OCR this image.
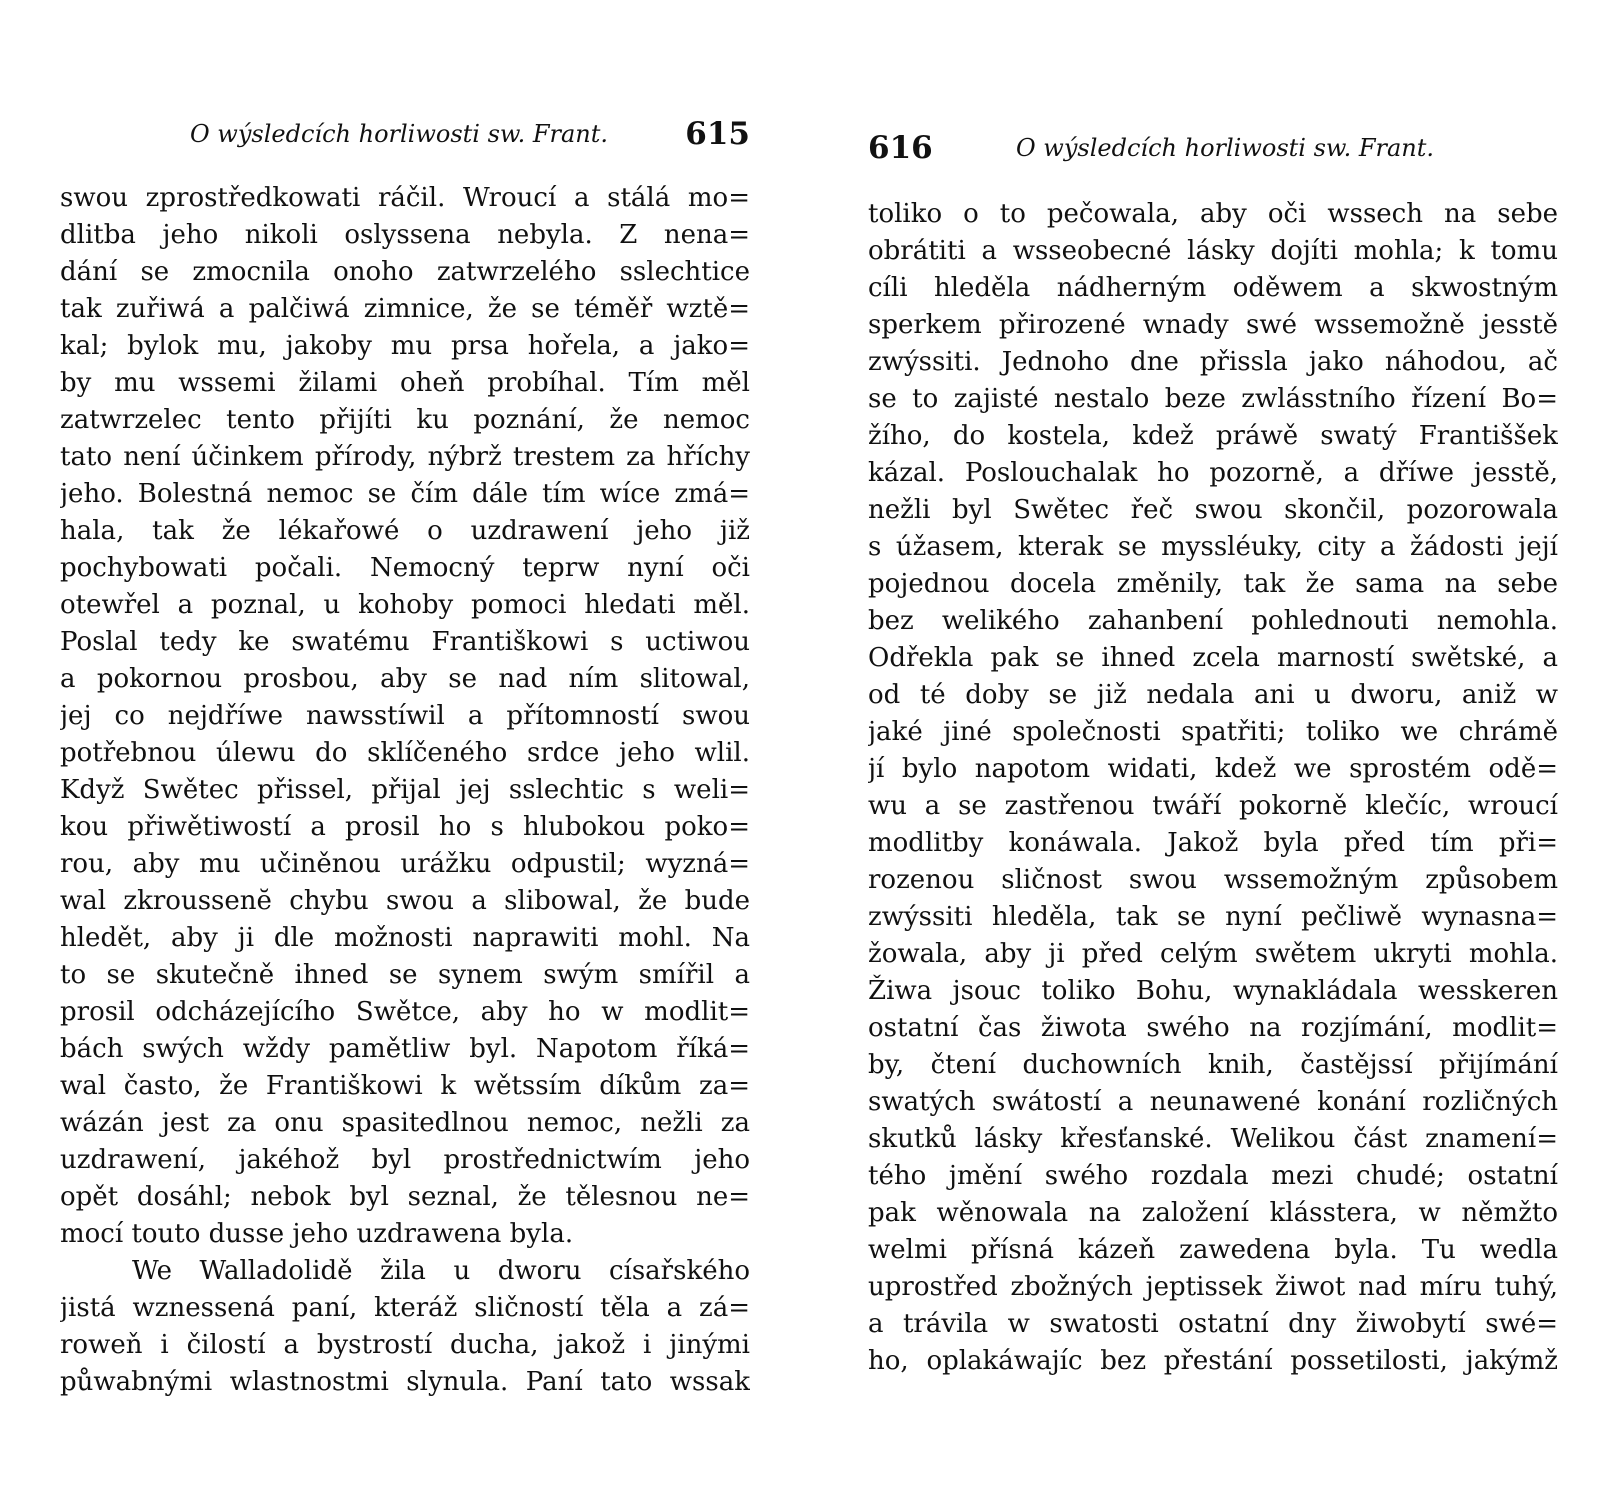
O wýsledcích horliwosti sw. Frant. 615
swou zprostředkowati ráčil. Wroucí a stálá mo=
dlitba jeho nikoli oslyssena nebyla. Z nena=
dání se zmocnila onoho zatwrzelého sslechtice
tak zuřiwá a palčiwá zimnice, že se téměř wztě=
kal; bylok mu, jakoby mu prsa hořela, a jako=
by mu wssemi žilami oheň probíhal. Tím měl
zatwrzelec tento přijíti ku poznání, že nemoc
tato není účinkem přírody, nýbrž trestem za hříchy
jeho. Bolestná nemoc se čím dále tím wíce zmá=
hala, tak že lékařowé o uzdrawení jeho již
pochybowati počali. Nemocný teprw nyní oči
otewřel a poznal, u kohoby pomoci hledati měl.
Poslal tedy ke swatému Františkowi s uctiwou
a pokornou prosbou, aby se nad ním slitowal,
jej co nejdříwe nawsstíwil a přítomností swou
potřebnou úlewu do sklíčeného srdce jeho wlil.
Když Swětec přissel, přijal jej sslechtic s weli=
kou přiwětiwostí a prosil ho s hlubokou poko=
rou, aby mu učiněnou urážku odpustil; wyzná=
wal zkroussenĕ chybu swou a slibowal, že bude
hledět, aby ji dle možnosti naprawiti mohl. Na
to se skutečně ihned se synem swým smířil a
prosil odcházejícího Swětce, aby ho w modlit=
bách swých wždy pamětliw byl. Napotom říká=
wal často, že Františkowi k wětssím díkům za=
wázán jest za onu spasitedlnou nemoc, nežli za
uzdrawení, jakéhož byl prostřednictwím jeho
opět dosáhl; nebok byl seznal, že tělesnou ne=
mocí touto dusse jeho uzdrawena byla.
We Walladolidě žila u dworu císařského
jistá wznessená paní, kteráž sličností těla a zá=
roweň i čilostí a bystrostí ducha, jakož i jinými
půwabnými wlastnostmi slynula. Paní tato wssak
616	O wýsledcích horliwosti sw. Frant.
toliko o to pečowala, aby oči wssech na sebe
obrátiti a wsseobecné lásky dojíti mohla; k tomu
cíli hleděla nádherným oděwem a skwostným
sperkem přirozené wnady swé wssemožně jesstě
zwýssiti. Jednoho dne přissla jako náhodou, ač
se to zajisté nestalo beze zwlásstního řízení Bo=
žího, do kostela, kdež práwě swatý Františšek
kázal. Poslouchalak ho pozorně, a dříwe jesstě,
nežli byl Swětec řeč swou skončil, pozorowala
s úžasem, kterak se myssléuky, city a žádosti její
pojednou docela změnily, tak že sama na sebe
bez welikého zahanbení pohlednouti nemohla.
Odřekla pak se ihned zcela marností swětské, a
od té doby se již nedala ani u dworu, aniž w
jaké jiné společnosti spatřiti; toliko we chrámě
jí bylo napotom widati, kdež we sprostém odě=
wu a se zastřenou twáří pokorně klečíc, wroucí
modlitby konáwala. Jakož byla před tím při=
rozenou sličnost swou wssemožným způsobem
zwýssiti hleděla, tak se nyní pečliwě wynasna=
žowala, aby ji před celým swětem ukryti mohla.
Žiwa jsouc toliko Bohu, wynakládala wesskeren
ostatní čas žiwota swého na rozjímání, modlit=
by, čtení duchowních knih, častějssí přijímání
swatých swátostí a neunawené konání rozličných
skutků lásky křesťanské. Welikou část znamení=
tého jmění swého rozdala mezi chudé; ostatní
pak wěnowala na založení klásstera, w němžto
welmi přísná kázeň zawedena byla. Tu wedla
uprostřed zbožných jeptissek žiwot nad míru tuhý,
a trávila w swatosti ostatní dny žiwobytí swé=
ho, oplakáwajíc bez přestání possetilosti, jakýmž
